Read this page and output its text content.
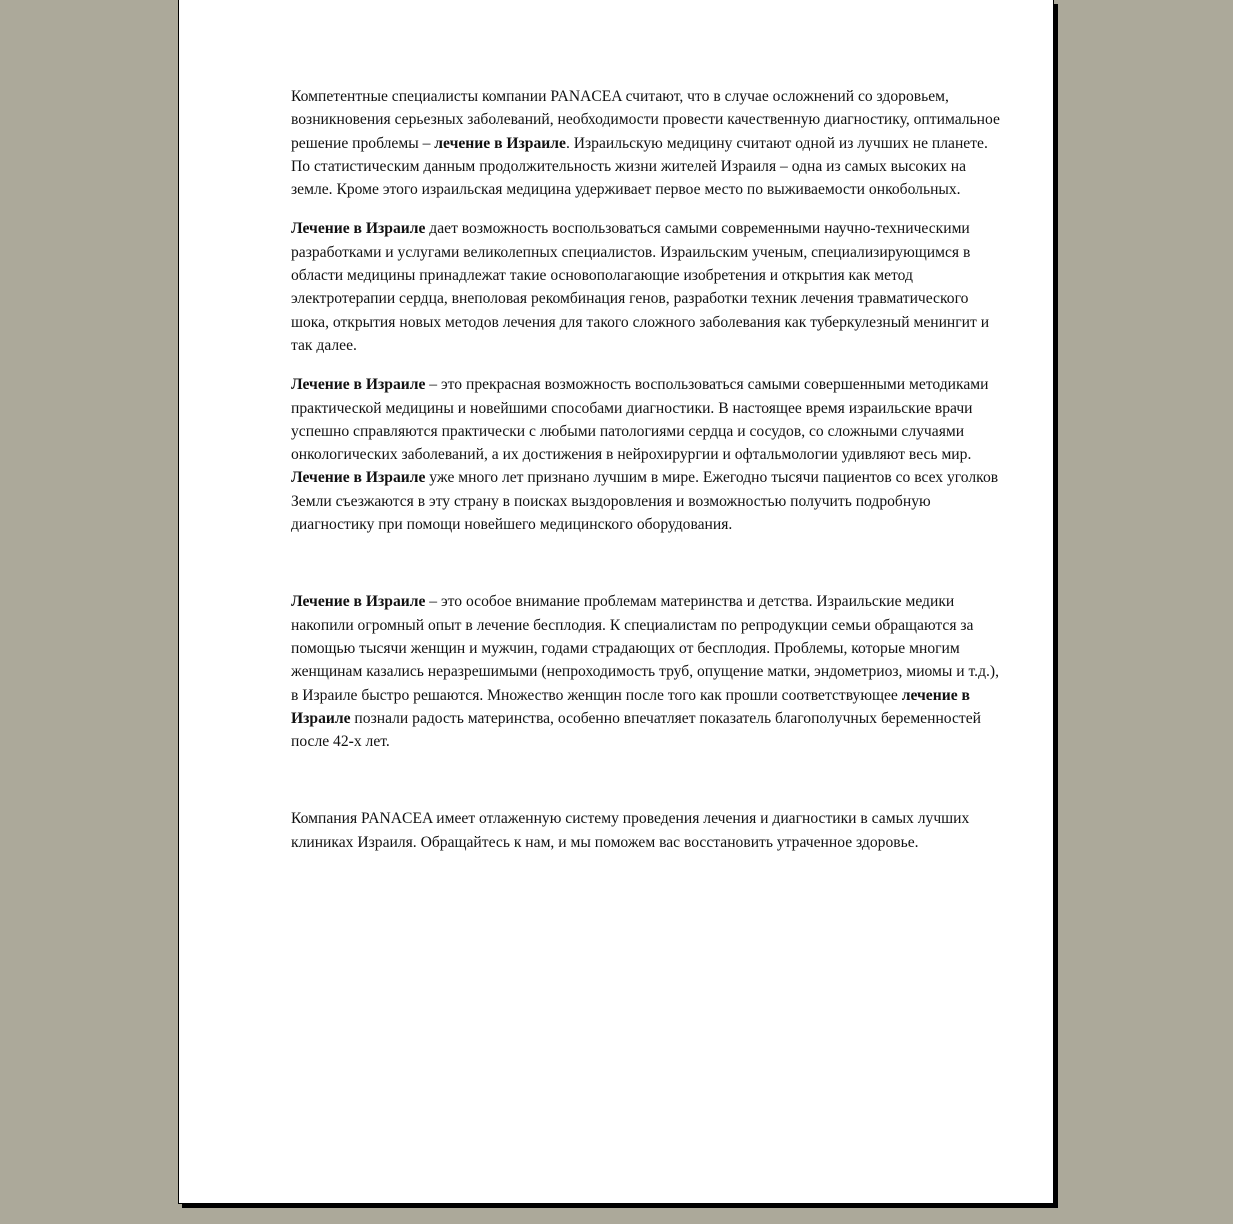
Компетентные специалисты компании PANACEA считают, что в случае осложнений со здоровьем, возникновения серьезных заболеваний, необходимости провести качественную диагностику, оптимальное решение проблемы – лечение в Израиле. Израильскую медицину считают одной из лучших не планете. По статистическим данным продолжительность жизни жителей Израиля – одна из самых высоких на земле. Кроме этого израильская медицина удерживает первое место по выживаемости онкобольных.

Лечение в Израиле дает возможность воспользоваться самыми современными научно-техническими разработками и услугами великолепных специалистов. Израильским ученым, специализирующимся в области медицины принадлежат такие основополагающие изобретения и открытия как метод электротерапии сердца, внеполовая рекомбинация генов, разработки техник лечения травматического шока, открытия новых методов лечения для такого сложного заболевания как туберкулезный менингит и так далее.

Лечение в Израиле – это прекрасная возможность воспользоваться самыми совершенными методиками практической медицины и новейшими способами диагностики. В настоящее время израильские врачи успешно справляются практически с любыми патологиями сердца и сосудов, со сложными случаями онкологических заболеваний, а их достижения в нейрохирургии и офтальмологии удивляют весь мир. Лечение в Израиле уже много лет признано лучшим в мире. Ежегодно тысячи пациентов со всех уголков Земли съезжаются в эту страну в поисках выздоровления и возможностью получить подробную диагностику при помощи новейшего медицинского оборудования.

Лечение в Израиле – это особое внимание проблемам материнства и детства. Израильские медики накопили огромный опыт в лечение бесплодия. К специалистам по репродукции семьи обращаются за помощью тысячи женщин и мужчин, годами страдающих от бесплодия. Проблемы, которые многим женщинам казались неразрешимыми (непроходимость труб, опущение матки, эндометриоз, миомы и т.д.), в Израиле быстро решаются. Множество женщин после того как прошли соответствующее лечение в Израиле познали радость материнства, особенно впечатляет показатель благополучных беременностей после 42-х лет.

Компания PANACEA имеет отлаженную систему проведения лечения и диагностики в самых лучших клиниках Израиля. Обращайтесь к нам, и мы поможем вас восстановить утраченное здоровье.
